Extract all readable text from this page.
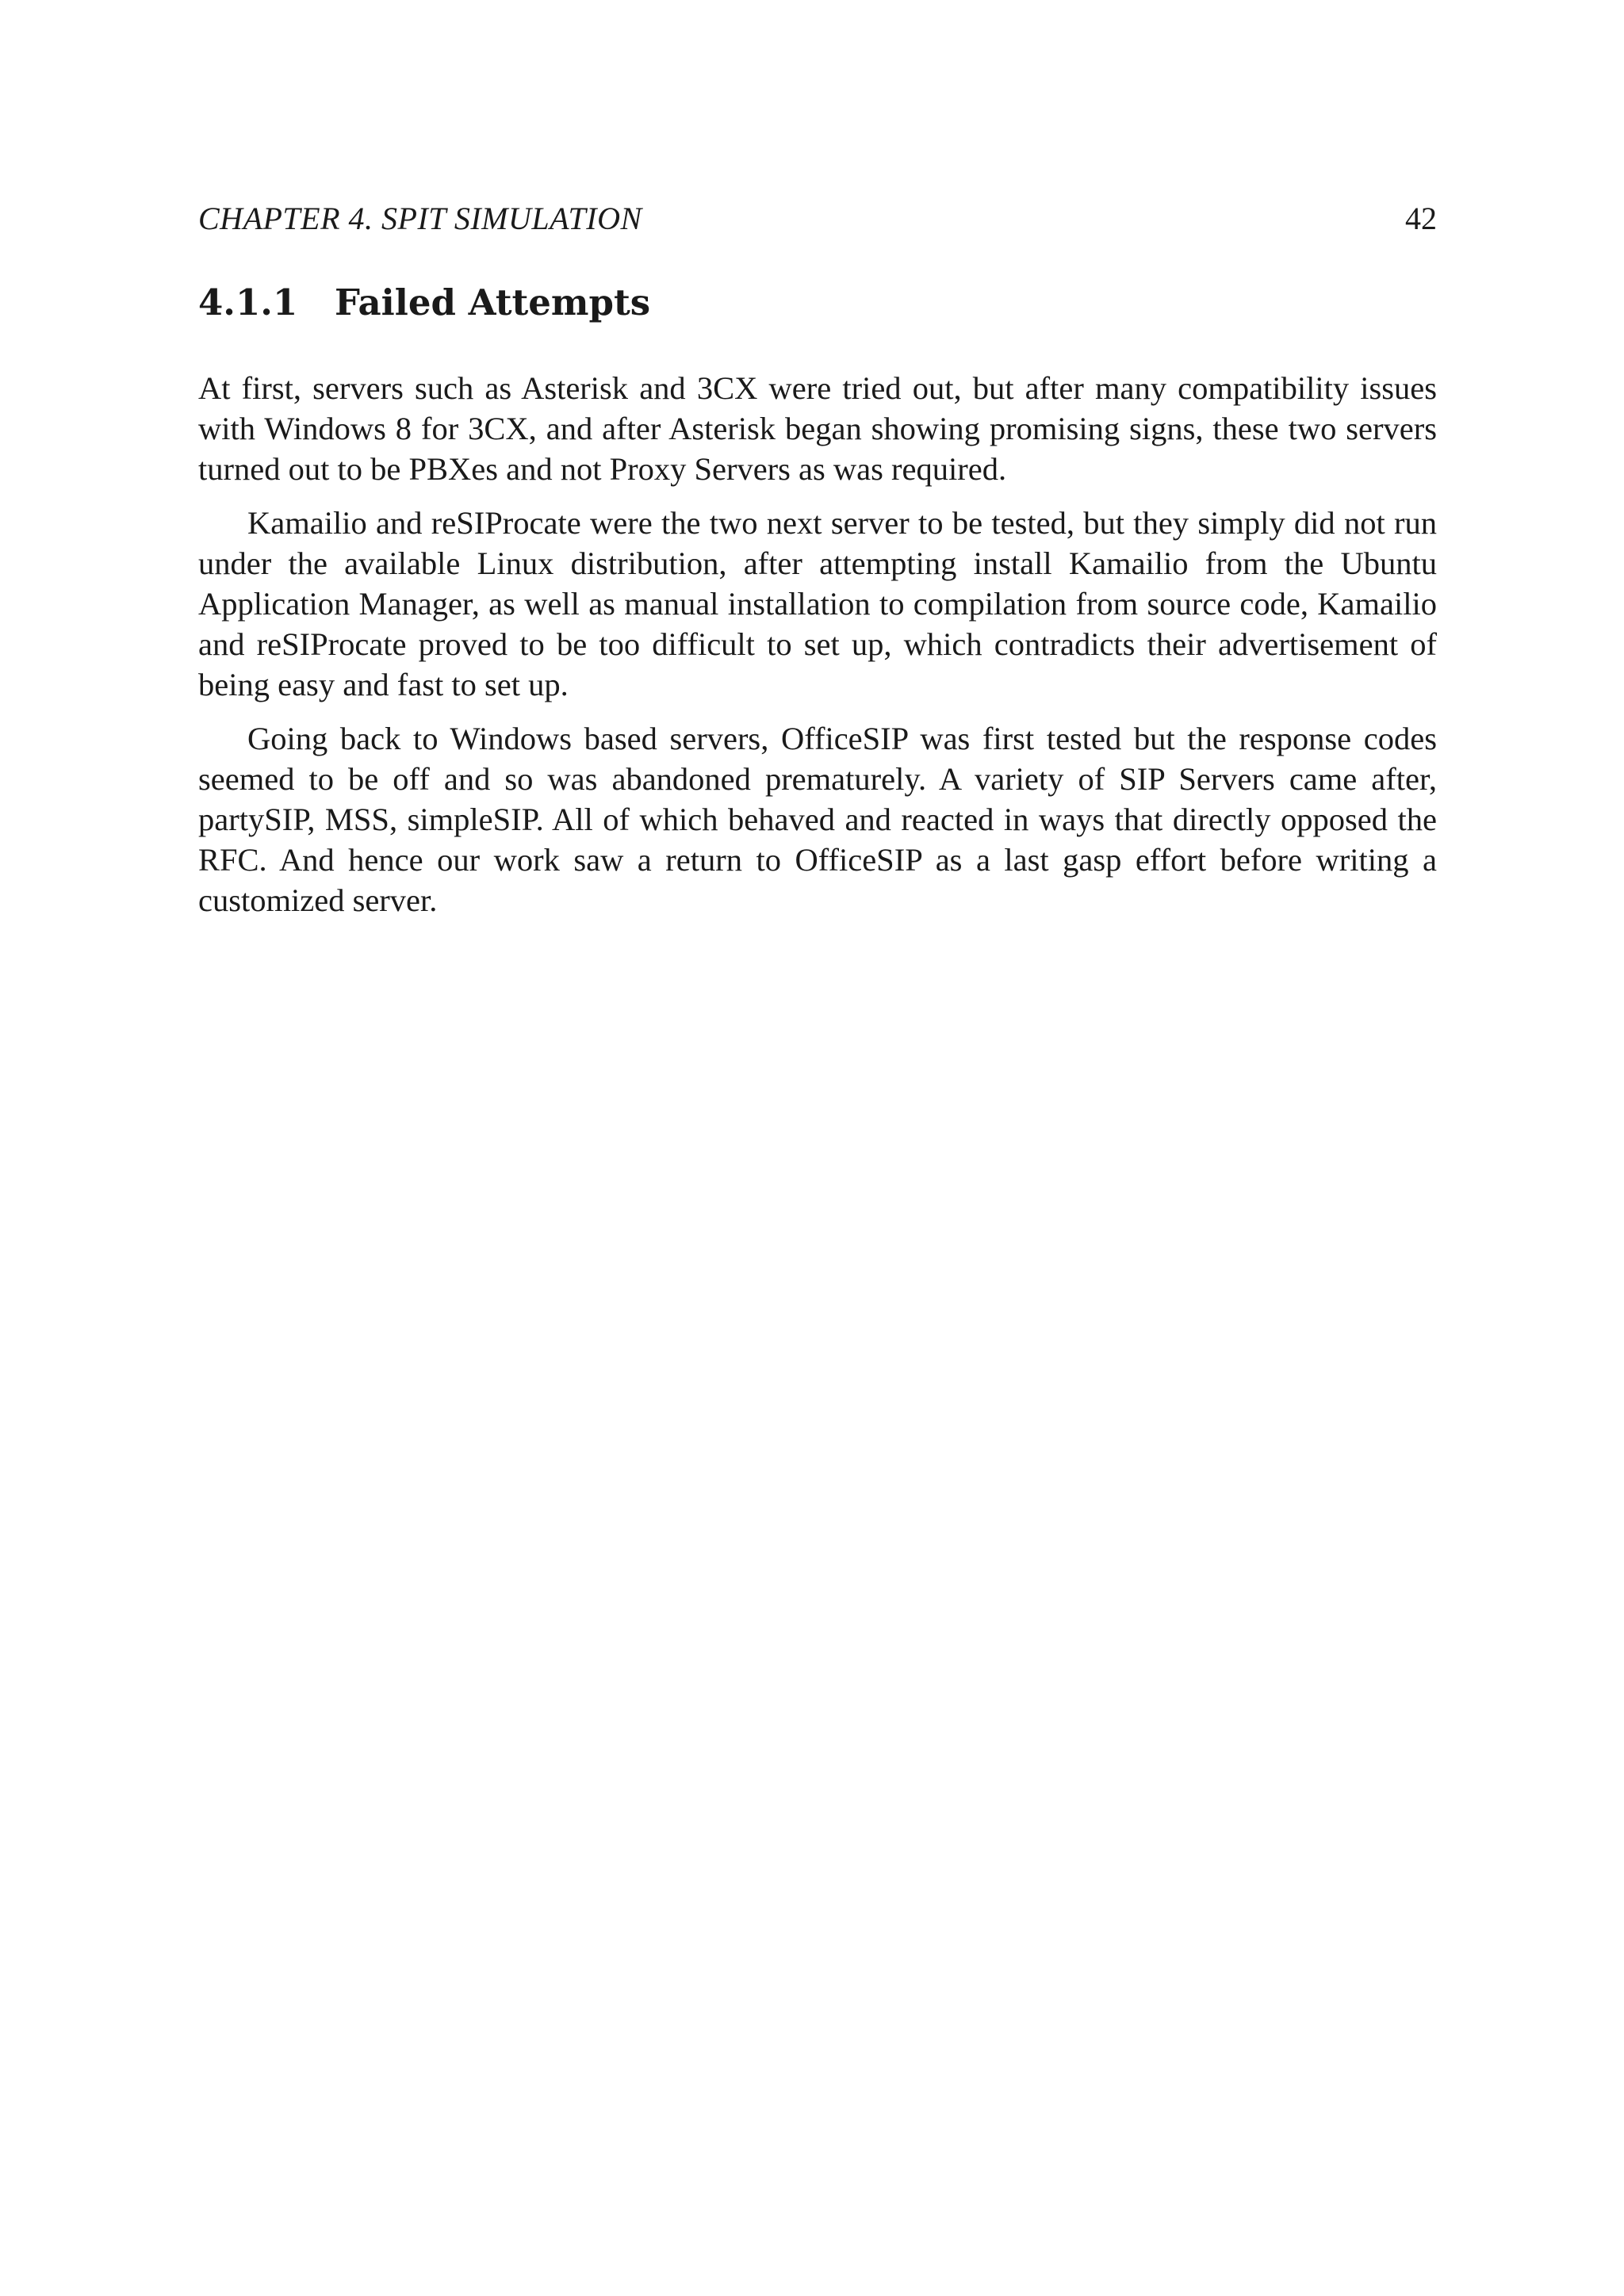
CHAPTER 4. SPIT SIMULATION	42
4.1.1 Failed Attempts

At first, servers such as Asterisk and 3CX were tried out, but after many compatibility issues with Windows 8 for 3CX, and after Asterisk began showing promising signs, these two servers turned out to be PBXes and not Proxy Servers as was required.

Kamailio and reSIProcate were the two next server to be tested, but they simply did not run under the available Linux distribution, after attempting install Kamailio from the Ubuntu Application Manager, as well as manual installation to compilation from source code, Kamailio and reSIProcate proved to be too difficult to set up, which contradicts their advertisement of being easy and fast to set up.

Going back to Windows based servers, OfficeSIP was first tested but the response codes seemed to be off and so was abandoned prematurely. A variety of SIP Servers came after, partySIP, MSS, simpleSIP. All of which behaved and reacted in ways that directly opposed the RFC. And hence our work saw a return to OfficeSIP as a last gasp effort before writing a customized server.
